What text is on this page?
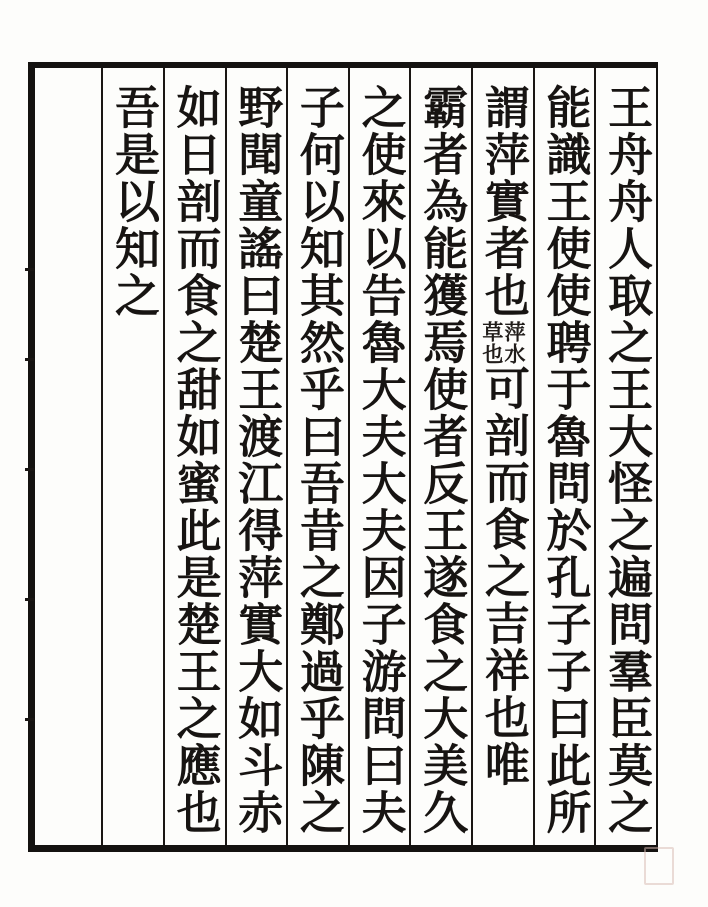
王舟舟人取之王大怪之遍問羣臣莫之
能識王使使聘于魯問於孔子子曰此所
謂萍實者也
萍水
草也
可剖而食之吉祥也唯
霸者為能獲焉使者反王遂食之大美久
之使來以告魯大夫大夫因子游問曰夫
子何以知其然乎曰吾昔之鄭過乎陳之
野聞童謠曰楚王渡江得萍實大如斗赤
如日剖而食之甜如蜜此是楚王之應也
吾是以知之
